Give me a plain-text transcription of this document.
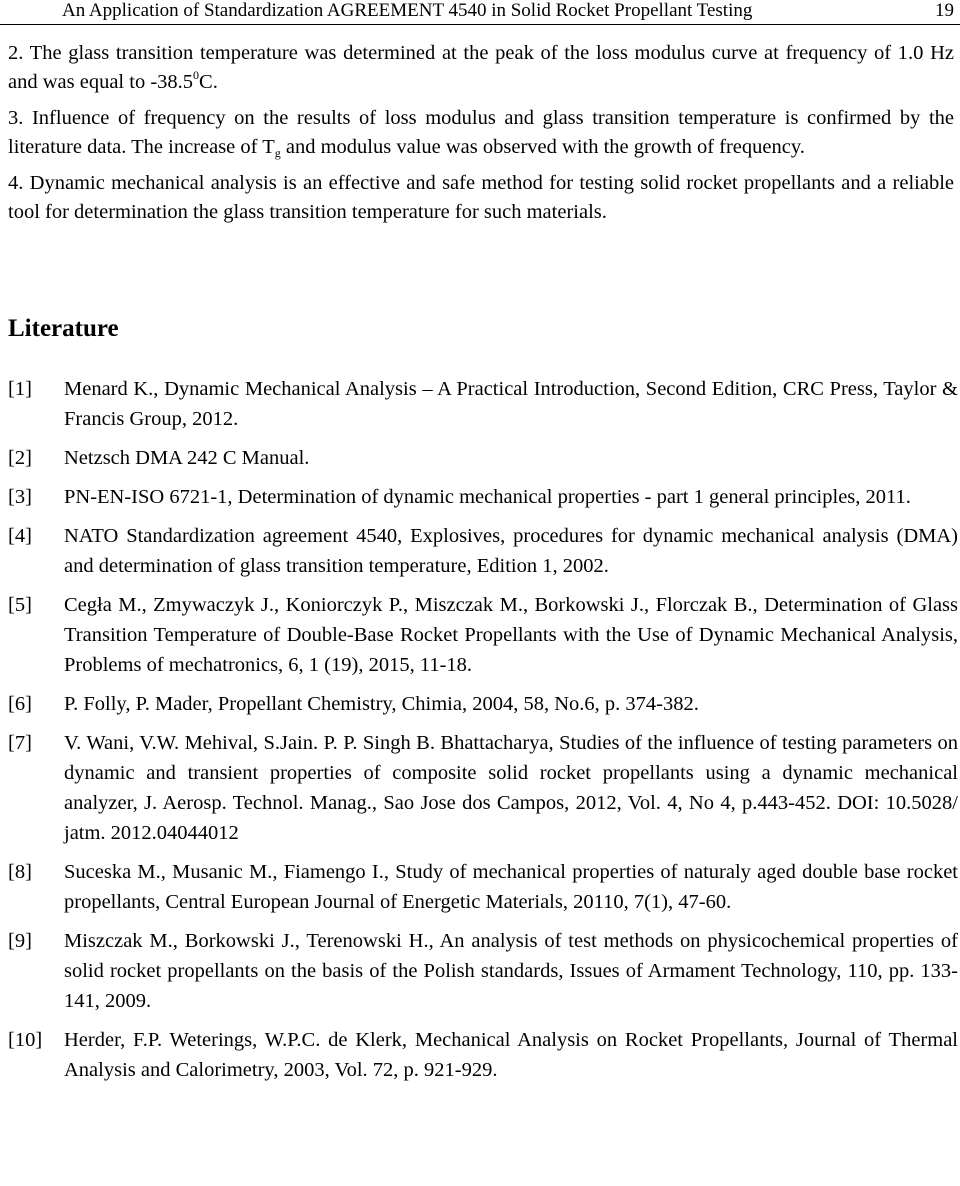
An Application of Standardization AGREEMENT 4540 in Solid Rocket Propellant Testing	19

2. The glass transition temperature was determined at the peak of the loss modulus curve at frequency of 1.0 Hz and was equal to -38.5$^0$C.

3. Influence of frequency on the results of loss modulus and glass transition temperature is confirmed by the literature data. The increase of $T_g$ and modulus value was observed with the growth of frequency.

4. Dynamic mechanical analysis is an effective and safe method for testing solid rocket propellants and a reliable tool for determination the glass transition temperature for such materials.

Literature
[1]	Menard K., Dynamic Mechanical Analysis – A Practical Introduction, Second Edition, CRC Press, Taylor & Francis Group, 2012.
[2]	Netzsch DMA 242 C Manual.
[3]	PN-EN-ISO 6721-1, Determination of dynamic mechanical properties - part 1 general principles, 2011.
[4]	NATO Standardization agreement 4540, Explosives, procedures for dynamic mechanical analysis (DMA) and determination of glass transition temperature, Edition 1, 2002.
[5]	Cegła M., Zmywaczyk J., Koniorczyk P., Miszczak M., Borkowski J., Florczak B., Determination of Glass Transition Temperature of Double-Base Rocket Propellants with the Use of Dynamic Mechanical Analysis, Problems of mechatronics, 6, 1 (19), 2015, 11-18.
[6]	P. Folly, P. Mader, Propellant Chemistry, Chimia, 2004, 58, No.6, p. 374-382.
[7]	V. Wani, V.W. Mehival, S.Jain. P. P. Singh B. Bhattacharya, Studies of the influence of testing parameters on dynamic and transient properties of composite solid rocket propellants using a dynamic mechanical analyzer, J. Aerosp. Technol. Manag., Sao Jose dos Campos, 2012, Vol. 4, No 4, p.443-452. DOI: 10.5028/ jatm. 2012.04044012
[8]	Suceska M., Musanic M., Fiamengo I., Study of mechanical properties of naturaly aged double base rocket propellants, Central European Journal of Energetic Materials, 20110, 7(1), 47-60.
[9]	Miszczak M., Borkowski J., Terenowski H., An analysis of test methods on physicochemical properties of solid rocket propellants on the basis of the Polish standards, Issues of Armament Technology, 110, pp. 133-141, 2009.
[10]	Herder, F.P. Weterings, W.P.C. de Klerk, Mechanical Analysis on Rocket Propellants, Journal of Thermal Analysis and Calorimetry, 2003, Vol. 72, p. 921-929.
